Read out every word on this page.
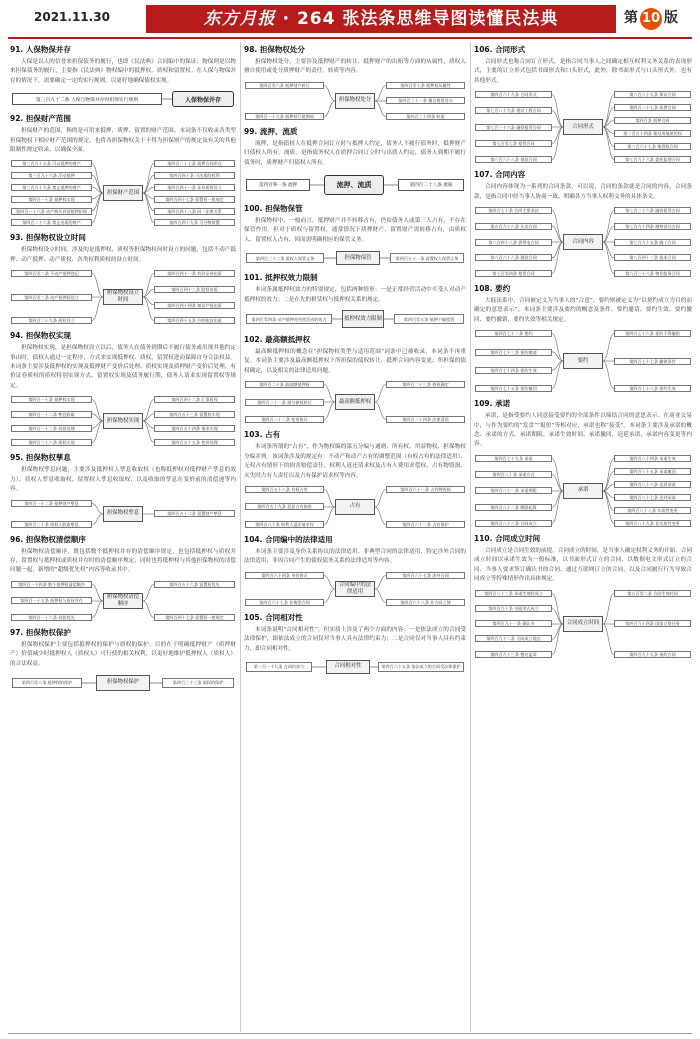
2021.11.30	东方月报 · 264 张法条思维导图读懂民法典	第 10 版
91. 人保物保并存

人保是以人的信誉来担保债务的履行，也即《民法典》合同编中的保证；物保则是以物来担保债务的履行，主要指《民法典》物权编中的抵押权、质权和留置权。在人保与物保并存的情况下，需要确定一定的实行规则，以更好地确保债权实现。

第三百九十二条 人保与物保并存时担保实行规则	人保物保并存
92. 担保财产范围

担保财产的范围，指的是可用来抵押、质押、留置的财产范围。本词条不仅收录各类型担保物权下相应财产范围的规定，也将各担保物权关于不得为担保财产的规定及有关的其他限制性规定收录，以确保全面。

第三百九十五条 可以抵押的财产
第三百九十六条 浮动抵押
第三百九十九条 禁止抵押的财产
第四百一十条 抵押权实现
第四百一十六条 动产购买价款抵押担保
第四百二十六条 禁止出质的财产
第四百二十七条 质押合同形式
第四百四十条 可出质的权利
第四百四十一条 证券质权设立
第四百四十七条 留置权一般规定
第四百四十八条 同一法律关系
第四百四十九条 可分物留置
担保财产范围
93. 担保物权设立时间

担保物权设立时间，涉及的是抵押权、质权等担保物权何时设立的问题，包括不动产抵押、动产抵押、动产质权、各类权利质权的设立时间。

第四百零二条 不动产抵押登记
第四百零三条 动产抵押权设立
第四百二十九条 质权设立
第四百四十一条 有价证券出质
第四百四十三条 股权出质
第四百四十四条 知识产权出质
第四百四十五条 应收账款出质
担保物权设立时间
94. 担保物权实现

担保物权实现，是担保物权设立以后，债务人在债务到期后不履行债务或出现其他约定事由时，债权人通过一定程序，方式来实现抵押权、质权、留置权进而保障自身合法权益。本词条主要涉及抵押权的实现及抵押财产变价后处理、质权实现及质押财产变价后处理，有价证券质权的质权特别实现方式、留置权实现及债务履行期，债务人请求实现留置权等规定。

第四百一十条 抵押权实现
第四百一十二条 孳息收取
第四百一十三条 价款处理
第四百三十六条 质权实现
第四百四十二条 汇票质权
第四百五十三条 留置权实现
第四百五十四条 请求实现
第四百五十五条 变价处理
担保物权实现
95. 担保物权孳息

担保物权孳息问题，主要涉及抵押权人孳息收取权（也称抵押权对抵押财产孳息的效力）、质权人孳息收取权、留置权人孳息收取权，以及收取的孳息在变价前的清偿递等内容。

第四百一十二条 抵押财产孳息
第四百三十条 质权人收取孳息
第四百五十二条 留置财产孳息
担保物权孳息
96. 担保物权清偿顺序

担保物权清偿顺序，既包括数个抵押权并存的清偿顺序规定，也包括抵押权与质权并存，留置权与抵押权或质权并存时的清偿顺序规定，同时也将抵押权与其他担保物权的清偿问题一起，新增的“超级优先权”内容等收录其中。

第四百一十四条 数个抵押权清偿顺序
第四百一十五条 抵押权与质权并存
第四百一十六条 价款优先
第四百五十六条 留置权优先
第四百四十七条 留置权一般规定
担保物权清偿顺序
97. 担保物权保护

担保物权保护主要包括抵押权的保护与质权的保护，目的在于明确抵押财产（质押财产）价值减少时抵押权人（质权人）可行使的相关权利，以更好地维护抵押权人（质权人）的合法权益。

第四百零八条 抵押权的保护	担保物权保护	第四百三十三条 质权的保护
98. 担保物权处分

担保物权处分，主要涉及抵押财产的转让、抵押财产的出租等方面的从属性，质权人擅自使用或处分质押财产的责任，转质等内容。

第四百零六条 抵押财产转让
第四百一十九条 抵押权行使期间
第四百零七条 抵押权从属性
第四百三十一条 擅自使用处分
第四百三十四条 转质
担保物权处分
99. 流押、流质

流押，是指债权人在抵押合同订立时与抵押人约定，债务人不履行债务时，抵押财产归债权人所有。流质，是指债务权人在质押合同订立时与出质人约定，债务人到期不履行债务时，质押财产归债权人所有。

第四百零一条 流押	流押、流质	第四百二十八条 流质
100. 担保物保管

担保物权中，一般而言，抵押财产并不转移占有，仍由债务人或第三人占有，不存在保管作用。但对于质权与留置权，通常情况下质押财产、留置财产需转移占有，由质权人、留置权人占有，因而需明确相应的保管义务。

第四百三十二条 质权人保管义务	担保物保管	第四百五十一条 留置权人保管义务
101. 抵押权效力限制

本词条属抵押权效力的特别规定，包括两种情形：一是正常经营活动中买受人对动产抵押权的效力；二是在先的租赁权与抵押权关系的规定。

第四百零四条 动产抵押对经营活动的效力	抵押权效力限制	第四百零五条 抵押不破租赁
102. 最高额抵押权

最高额抵押权的概念在“担保物权类型与适用范围”词条中已被收录，本词条不再重复。本词条主要涉及最高额抵押权下所担保的债权转让、抵押合同内容变更、所担保的债权确定，以及相关的法律适用问题。

第四百二十条 最高额抵押权
第四百二十一条 部分债权转让
第四百二十二条 变更协议
第四百二十三条 债权确定
第四百二十四条 法律适用
最高额抵押权
103. 占有

本词条所谓的“占有”，作为物权编的第五分编与通则、所有权、用益物权、担保物权分编并列。该词条涉及的规定有：不动产和动产占有的调整范围（有权占有的法律适用）、无权占有情形下的损害赔偿责任、权利人返还请求权及占有人费用求偿权、占有物毁损、灭失时占有人责任以及占有保护请求权等内容。

第四百五十八条 有权占有
第四百五十九条 恶意占有损害
第四百六十条 权利人返还请求权
第四百六十一条 占有物毁损
第四百六十二条 占有保护
占有
104. 合同编中的法律适用

本词条主要涉及身份关系协议的法律适用、非典型合同的法律适用、特定涉外合同的法律适用、非因合同产生的债权债务关系的法律适用等内容。

第四百六十四条 身份协议
第四百六十七条 非典型合同
第四百六十七条 涉外合同
第四百六十八条 非合同之债
合同编中的法律适用
105. 合同相对性

本词条说明“合同相对性”，但实质上涉及了两个方面的内容：一是依法成立的合同受法律保护，即依法成立的合同仅对当事人具有法律约束力；二是合同仅对当事人具有约束力，即合同相对性。

第一百一十九条 合同约束力	合同相对性	第四百六十五条 依法成立的合同受法律保护
106. 合同形式

合同形式也称合同订立形式，是指合同当事人之间确定相互权利义务关系的表现形式，主要的订立形式包括书面形式和口头形式，此外，除书面形式与口头形式外，也有其他形式。

第四百六十九条 合同形式
第七百八十九条 建设工程合同
第七百三十六条 融资租赁合同
第七百零七条 租赁合同
第六百六十八条 借款合同
第六百八十五条 保证合同
第四百二十七条 质押合同
第四百条 抵押合同
第三百五十四条 建设用地使用权
第三百六十七条 地役权合同
第七百九十六条 委托监理合同
合同形式
107. 合同内容

合同内容体现为一系列的合同条款，可以说，合同的条款就是合同的内容。合同条款，是指合同中经当事人协商一致、明确各方当事人权利义务的具体条文。

第四百七十条 合同主要条款
第五百九十六条 买卖合同
第六百四十八条 供用电合同
第六百六十八条 借款合同
第七百零四条 租赁合同
第七百三十六条 融资租赁合同
第七百九十四条 勘察设计合同
第七百九十五条 施工合同
第八百四十三条 技术合同
第九百三十八条 物业服务合同
合同内容
108. 要约

大陆法系中，合同被定义为当事人的“合意”，要约则被定义为“以契约成立为目的而确定的意思表示”。本词条主要涉及要约的概念及条件、要约邀请、要约生效、要约撤回、要约撤销、要约失效等相关规定。

第四百七十二条 要约
第四百七十三条 要约邀请
第四百七十四条 要约生效
第四百七十五条 要约撤回
第四百七十六条 要约不得撤销
第四百七十七条 撤销条件
第四百七十八条 要约失效
要约
109. 承诺

承诺，是指受要约人同意接受要约的全部条件以缔结合同的意思表示。在商业交易中，与作为要约的“发盘”“报价”等相对应，承诺也称“接受”。本词条主要涉及承诺的概念、承诺的方式、承诺期限、承诺生效时间、承诺撤回、迟延承诺、承诺内容变更等内容。

第四百七十九条 承诺
第四百八十条 承诺方式
第四百八十一条 承诺期限
第四百八十二条 期限起算
第四百八十三条 合同成立
第四百八十四条 承诺生效
第四百八十五条 承诺撤回
第四百八十六条 迟延承诺
第四百八十七条 迟到承诺
第四百八十八条 实质性变更
第四百八十九条 非实质性变更
承诺
110. 合同成立时间

合同成立是合同生效的前提，合同成立的时间，是当事人确定权利义务的开始。合同成立时间以承诺生效为一般标准，以书面形式订立的合同、以数据电文形式订立的合同、当事人要求签订确认书的合同、通过互联网订立的合同，以及合同履行行为导致合同成立等特殊情形作出具体规定。

第四百八十三条 承诺生效时成立
第四百九十条 书面形式成立
第四百九十一条 确认书
第四百九十二条 合同成立地点
第四百九十三条 签名盖章
第五百零二条 合同生效时间
第四百九十四条 国家订货任务
第四百九十五条 预约合同
合同成立时间
